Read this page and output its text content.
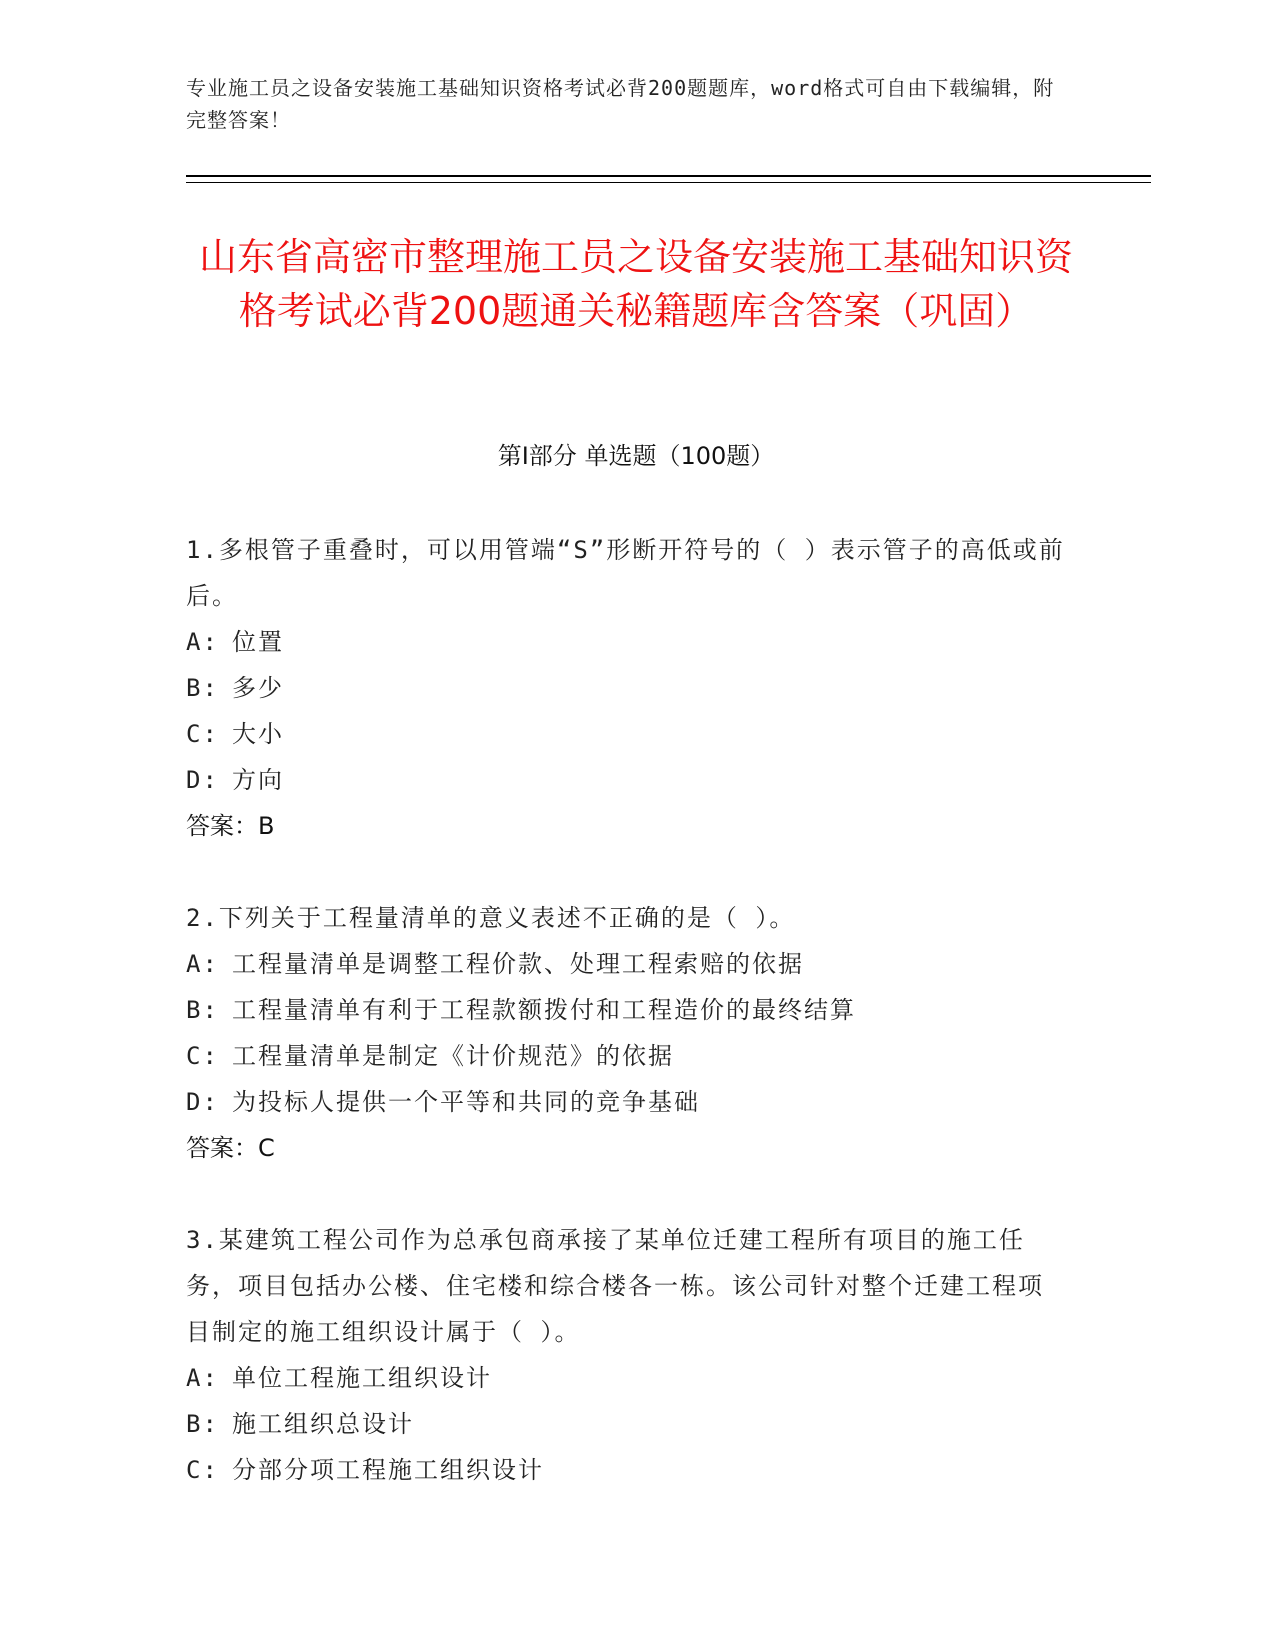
专业施工员之设备安装施工基础知识资格考试必背200题题库，word格式可自由下载编辑，附完整答案！
山东省高密市整理施工员之设备安装施工基础知识资格考试必背200题通关秘籍题库含答案（巩固）
第Ⅰ部分 单选题（100题）
1.多根管子重叠时，可以用管端“S”形断开符号的（ ）表示管子的高低或前后。
A: 位置
B: 多少
C: 大小
D: 方向
答案：B
2.下列关于工程量清单的意义表述不正确的是（ ）。
A: 工程量清单是调整工程价款、处理工程索赔的依据
B: 工程量清单有利于工程款额拨付和工程造价的最终结算
C: 工程量清单是制定《计价规范》的依据
D: 为投标人提供一个平等和共同的竞争基础
答案：C
3.某建筑工程公司作为总承包商承接了某单位迁建工程所有项目的施工任务，项目包括办公楼、住宅楼和综合楼各一栋。该公司针对整个迁建工程项目制定的施工组织设计属于（ ）。
A: 单位工程施工组织设计
B: 施工组织总设计
C: 分部分项工程施工组织设计
